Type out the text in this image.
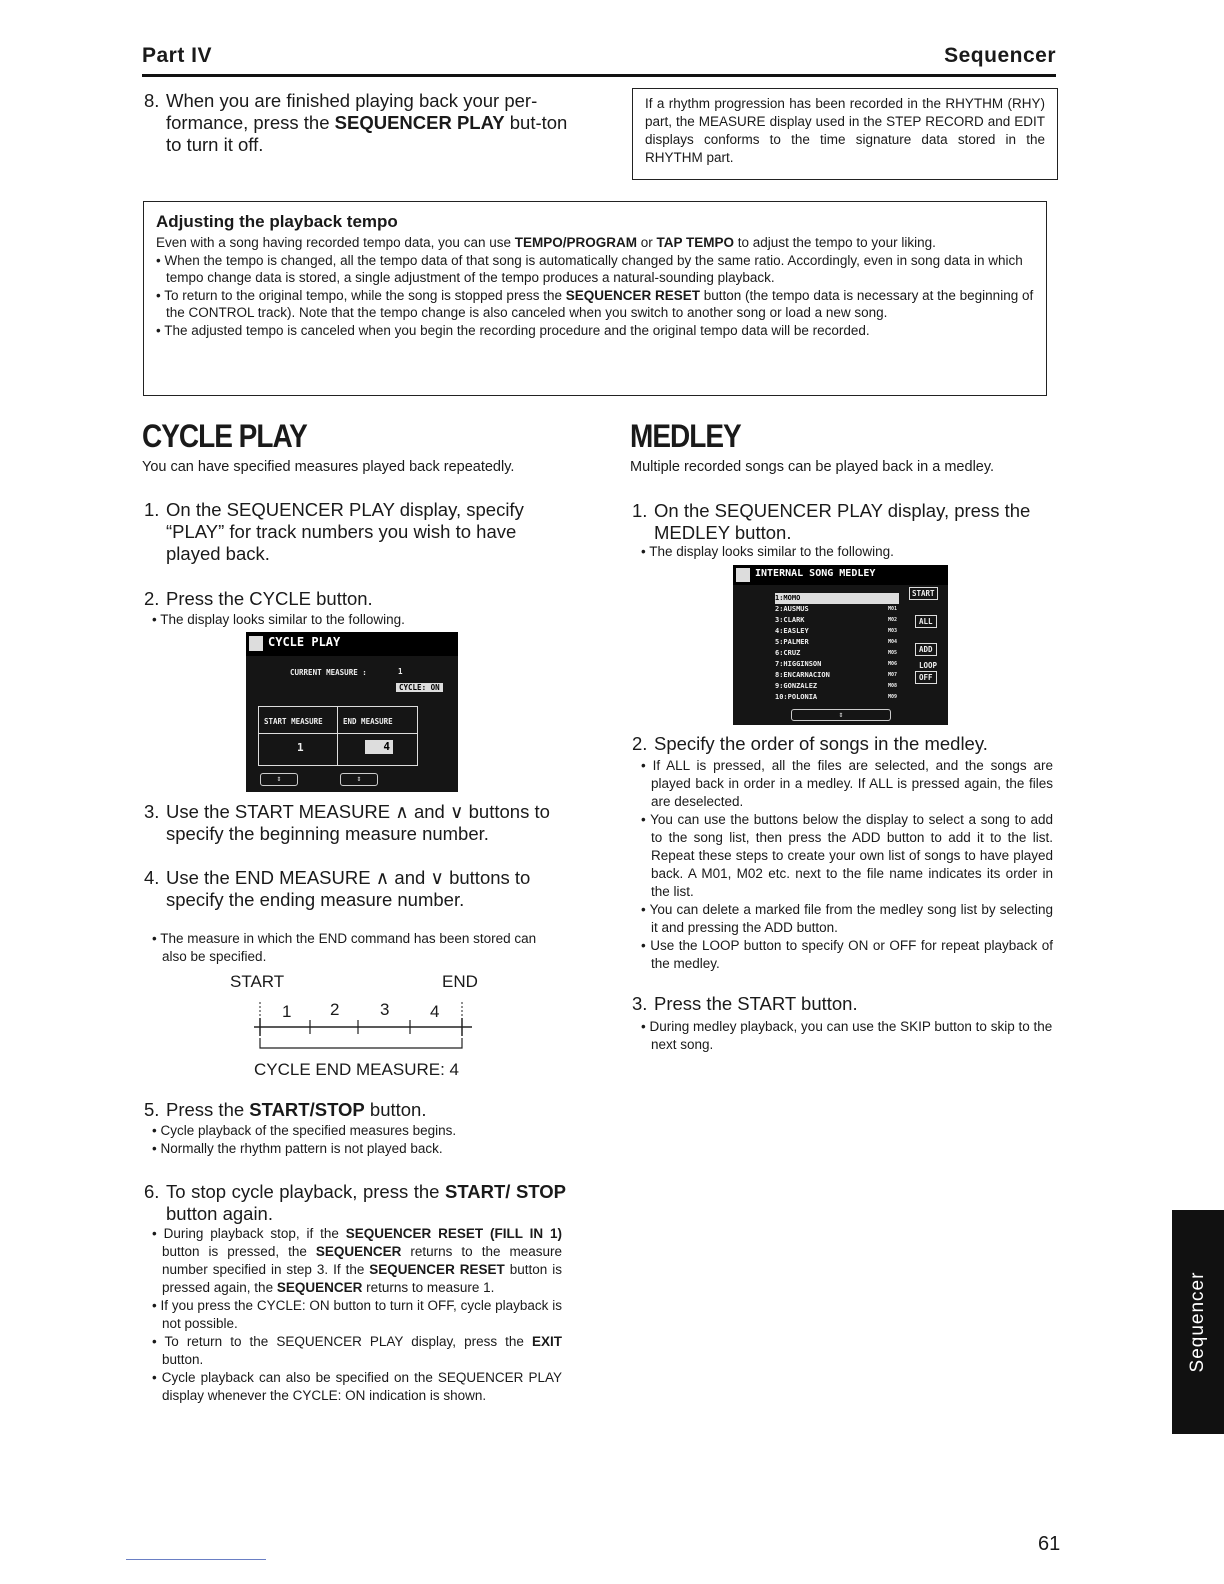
Part IV	Sequencer
8. When you are finished playing back your per-formance, press the SEQUENCER PLAY but-ton to turn it off.
If a rhythm progression has been recorded in the RHYTHM (RHY) part, the MEASURE display used in the STEP RECORD and EDIT displays conforms to the time signature data stored in the RHYTHM part.
Adjusting the playback tempo
Even with a song having recorded tempo data, you can use TEMPO/PROGRAM or TAP TEMPO to adjust the tempo to your liking.
• When the tempo is changed, all the tempo data of that song is automatically changed by the same ratio. Accordingly, even in song data in which tempo change data is stored, a single adjustment of the tempo produces a natural-sounding playback.
• To return to the original tempo, while the song is stopped press the SEQUENCER RESET button (the tempo data is necessary at the beginning of the CONTROL track). Note that the tempo change is also canceled when you switch to another song or load a new song.
• The adjusted tempo is canceled when you begin the recording procedure and the original tempo data will be recorded.
CYCLE PLAY
You can have specified measures played back repeatedly.
1. On the SEQUENCER PLAY display, specify “PLAY” for track numbers you wish to have played back.
2. Press the CYCLE button.
• The display looks similar to the following.
CYCLE PLAY
CURRENT MEASURE :	1
CYCLE: ON
START MEASURE	END MEASURE
1	4
⇕	⇕
3. Use the START MEASURE ∧ and ∨ buttons to specify the beginning measure number.
4. Use the END MEASURE ∧ and ∨ buttons to specify the ending measure number.
• The measure in which the END command has been stored can also be specified.
START	END
1 2 3 4
CYCLE END MEASURE: 4
5. Press the START/STOP button.
• Cycle playback of the specified measures begins.
• Normally the rhythm pattern is not played back.
6. To stop cycle playback, press the START/ STOP button again.
• During playback stop, if the SEQUENCER RESET (FILL IN 1) button is pressed, the SEQUENCER returns to the measure number specified in step 3. If the SEQUENCER RESET button is pressed again, the SEQUENCER returns to measure 1.
• If you press the CYCLE: ON button to turn it OFF, cycle playback is not possible.
• To return to the SEQUENCER PLAY display, press the EXIT button.
• Cycle playback can also be specified on the SEQUENCER PLAY display whenever the CYCLE: ON indication is shown.
MEDLEY
Multiple recorded songs can be played back in a medley.
1. On the SEQUENCER PLAY display, press the MEDLEY button.
• The display looks similar to the following.
INTERNAL SONG MEDLEY
1:MOMO
2:AUSMUS	M01
3:CLARK	M02
4:EASLEY	M03
5:PALMER	M04
6:CRUZ	M05
7:HIGGINSON	M06
8:ENCARNACION	M07
9:GONZALEZ	M08
10:POLONIA	M09
START
ALL
ADD
LOOP
OFF
⇕
2. Specify the order of songs in the medley.
• If ALL is pressed, all the files are selected, and the songs are played back in order in a medley. If ALL is pressed again, the files are deselected.
• You can use the buttons below the display to select a song to add to the song list, then press the ADD button to add it to the list. Repeat these steps to create your own list of songs to have played back. A M01, M02 etc. next to the file name indicates its order in the list.
• You can delete a marked file from the medley song list by selecting it and pressing the ADD button.
• Use the LOOP button to specify ON or OFF for repeat playback of the medley.
3. Press the START button.
• During medley playback, you can use the SKIP button to skip to the next song.
Sequencer
61
